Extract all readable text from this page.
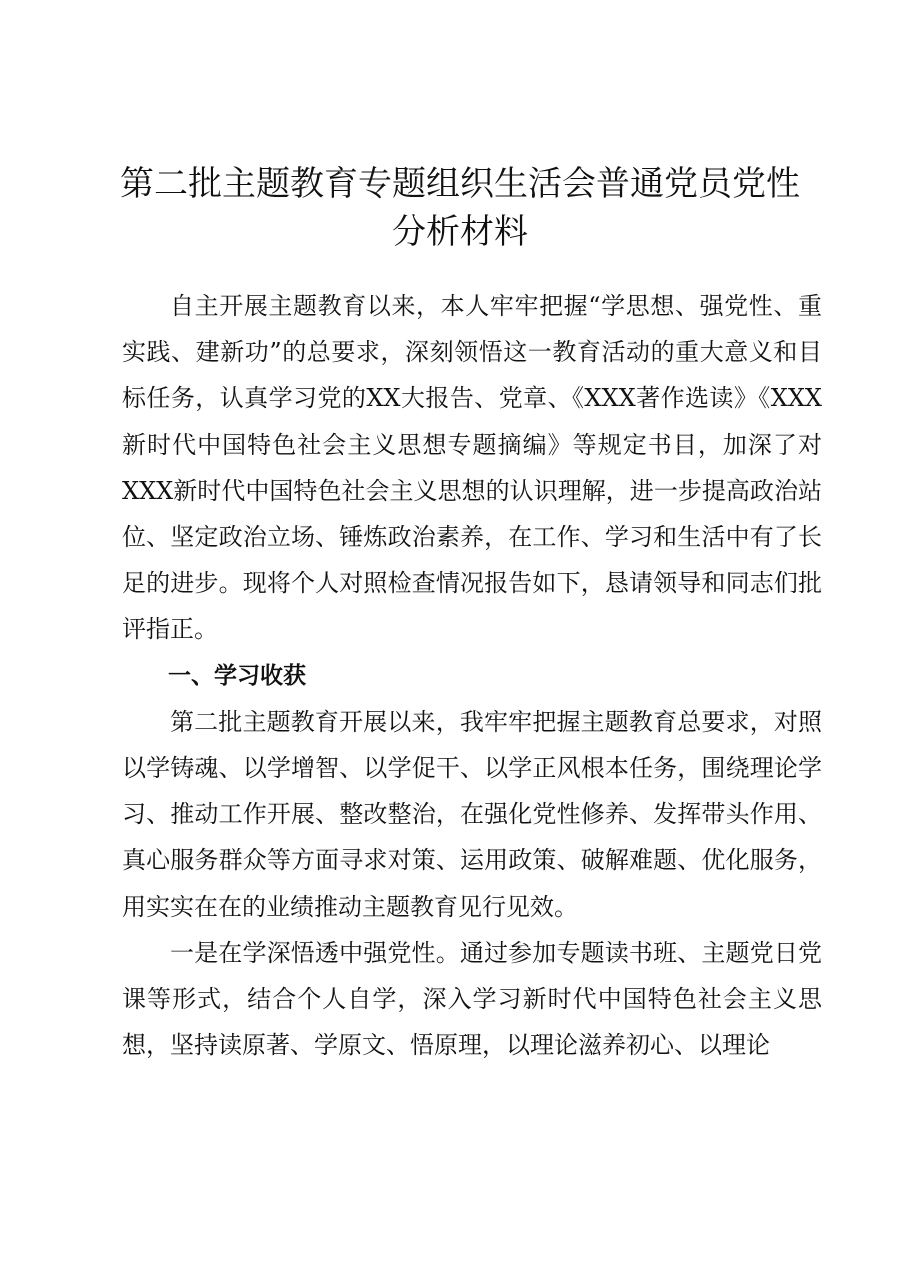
第二批主题教育专题组织生活会普通党员党性分析材料

自主开展主题教育以来，本人牢牢把握“学思想、强党性、重实践、建新功”的总要求，深刻领悟这一教育活动的重大意义和目标任务，认真学习党的XX大报告、党章、《XXX著作选读》《XXX新时代中国特色社会主义思想专题摘编》等规定书目，加深了对XXX新时代中国特色社会主义思想的认识理解，进一步提高政治站位、坚定政治立场、锤炼政治素养，在工作、学习和生活中有了长足的进步。现将个人对照检查情况报告如下，恳请领导和同志们批评指正。

一、学习收获

第二批主题教育开展以来，我牢牢把握主题教育总要求，对照以学铸魂、以学增智、以学促干、以学正风根本任务，围绕理论学习、推动工作开展、整改整治，在强化党性修养、发挥带头作用、真心服务群众等方面寻求对策、运用政策、破解难题、优化服务，用实实在在的业绩推动主题教育见行见效。

一是在学深悟透中强党性。通过参加专题读书班、主题党日党课等形式，结合个人自学，深入学习新时代中国特色社会主义思想，坚持读原著、学原文、悟原理，以理论滋养初心、以理论
